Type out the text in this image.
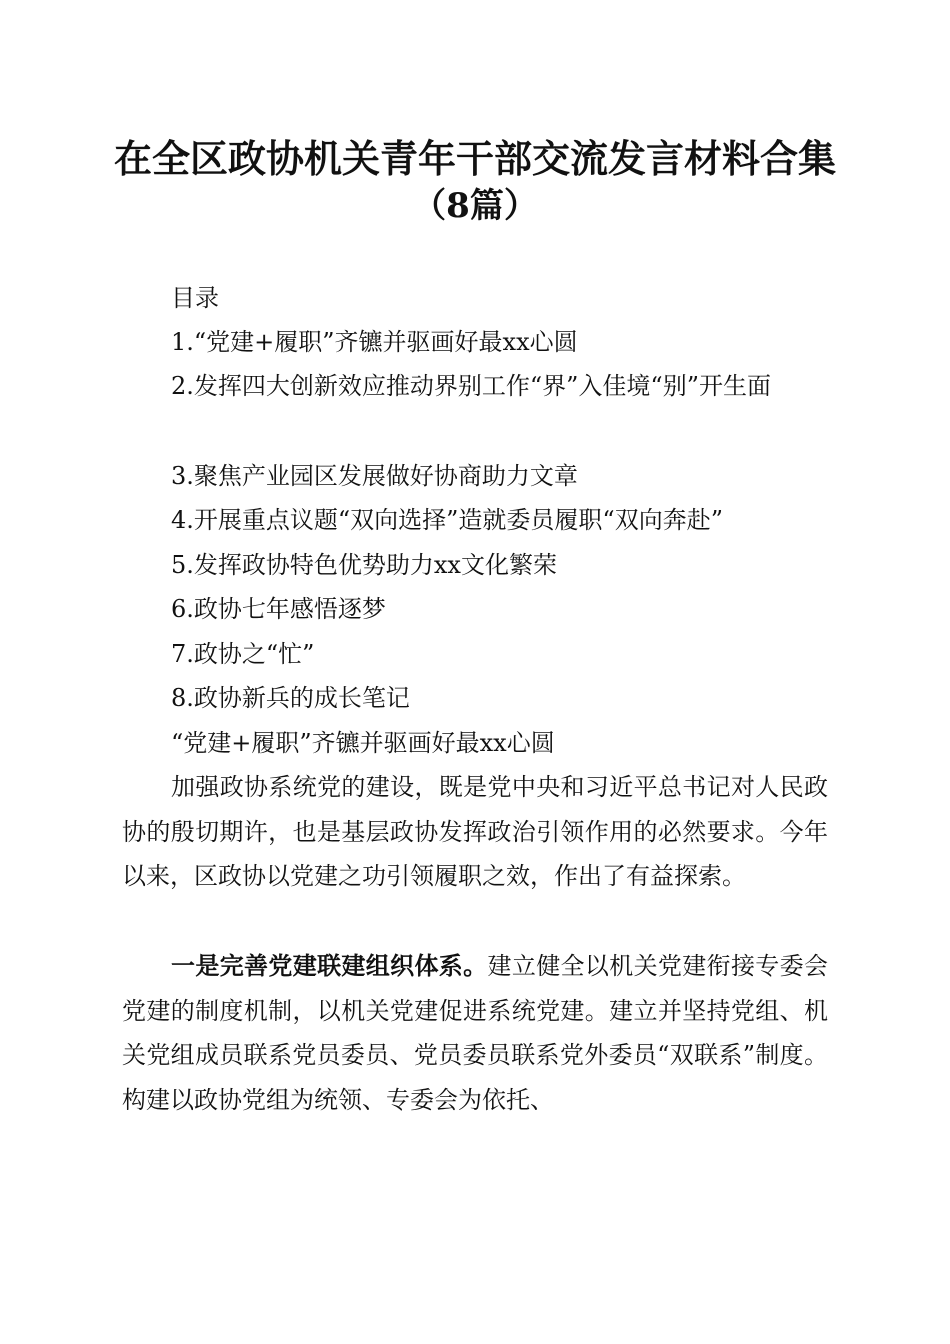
在全区政协机关青年干部交流发言材料合集
（8篇）
目录
1.“党建+履职”齐镳并驱画好最xx心圆
2.发挥四大创新效应推动界别工作“界”入佳境“别”开生面
3.聚焦产业园区发展做好协商助力文章
4.开展重点议题“双向选择”造就委员履职“双向奔赴”
5.发挥政协特色优势助力xx文化繁荣
6.政协七年感悟逐梦
7.政协之“忙”
8.政协新兵的成长笔记
“党建+履职”齐镳并驱画好最xx心圆
加强政协系统党的建设，既是党中央和习近平总书记对人民政协的殷切期许，也是基层政协发挥政治引领作用的必然要求。今年以来，区政协以党建之功引领履职之效，作出了有益探索。
一是完善党建联建组织体系。建立健全以机关党建衔接专委会党建的制度机制，以机关党建促进系统党建。建立并坚持党组、机关党组成员联系党员委员、党员委员联系党外委员“双联系”制度。构建以政协党组为统领、专委会为依托、
